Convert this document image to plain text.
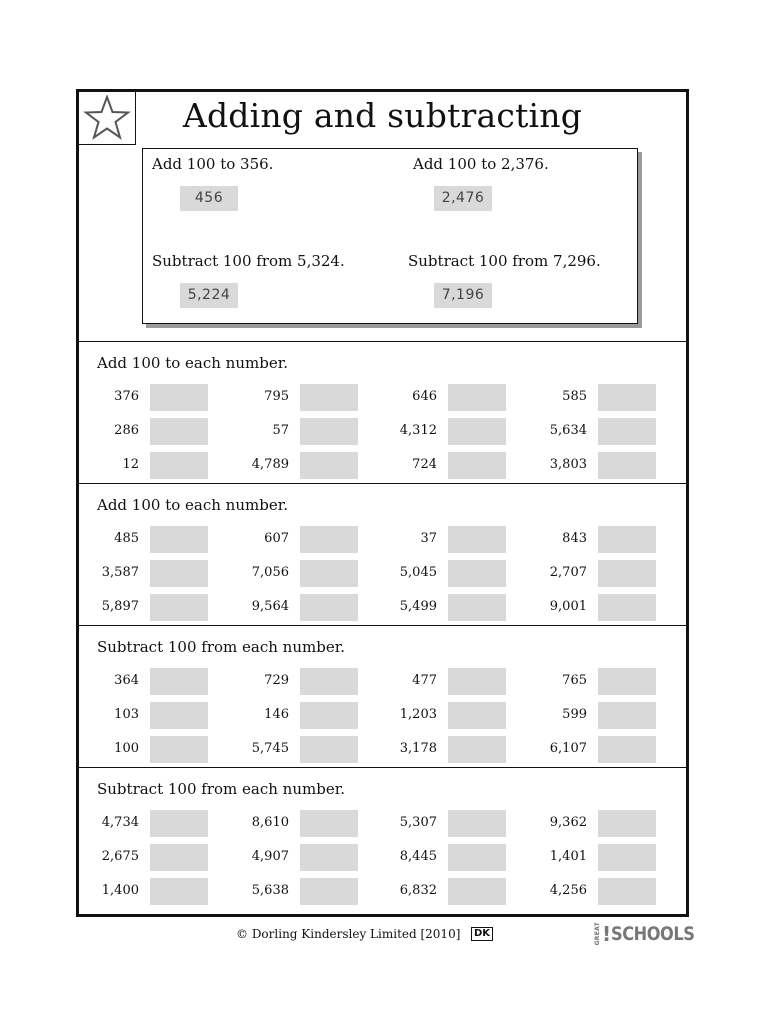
Adding and subtracting
Add 100 to 356.
456
Add 100 to 2,376.
2,476
Subtract 100 from 5,324.
5,224
Subtract 100 from 7,296.
7,196
Add 100 to each number.
376	795	646	585
286	57	4,312	5,634
12	4,789	724	3,803
Add 100 to each number.
485	607	37	843
3,587	7,056	5,045	2,707
5,897	9,564	5,499	9,001
Subtract 100 from each number.
364	729	477	765
103	146	1,203	599
100	5,745	3,178	6,107
Subtract 100 from each number.
4,734	8,610	5,307	9,362
2,675	4,907	8,445	1,401
1,400	5,638	6,832	4,256
© Dorling Kindersley Limited [2010]	DK	GREAT ! SCHOOLS
